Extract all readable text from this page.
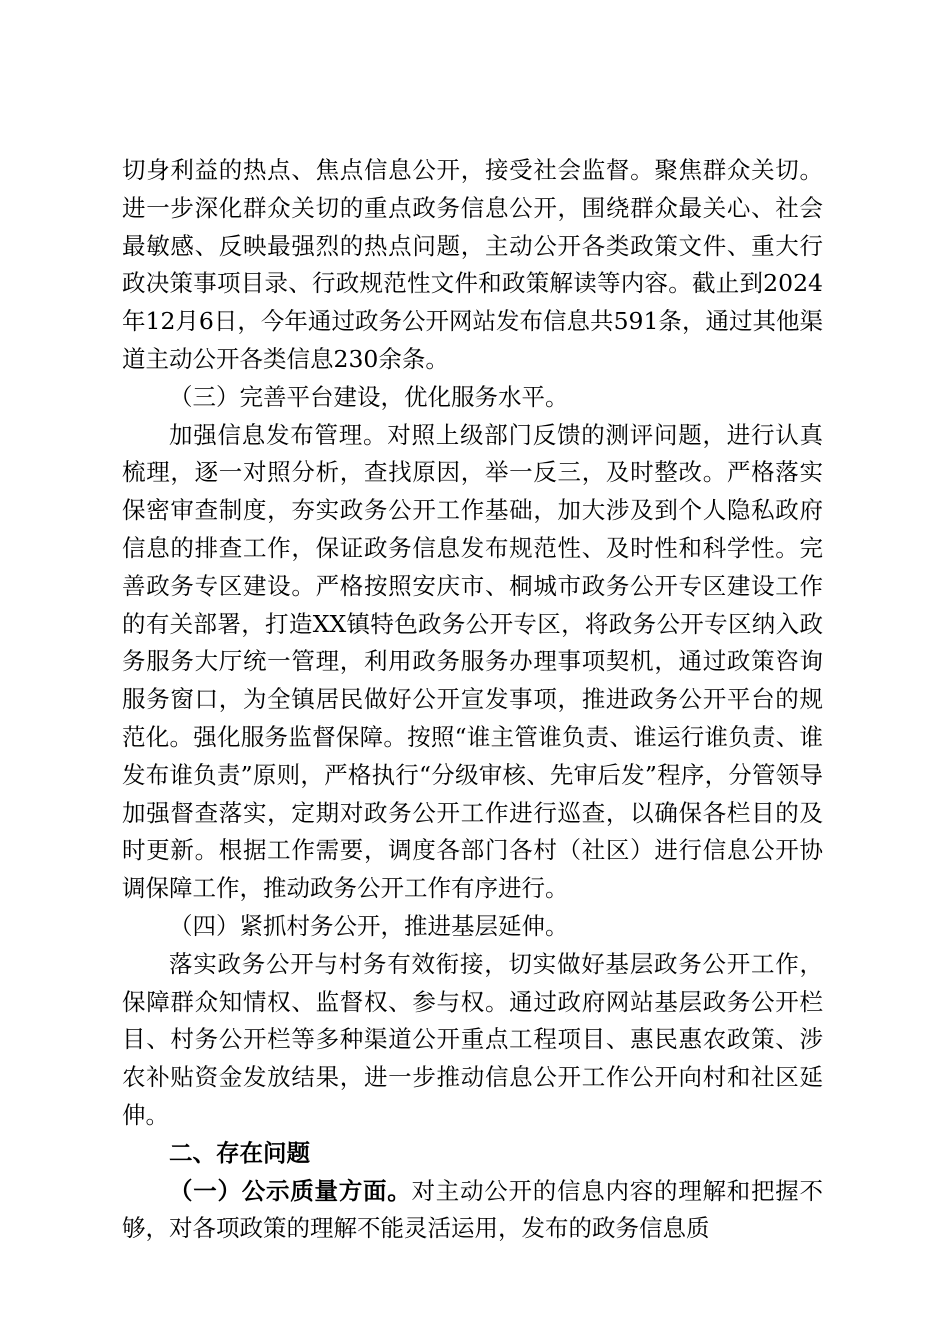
切身利益的热点、焦点信息公开，接受社会监督。聚焦群众关切。进一步深化群众关切的重点政务信息公开，围绕群众最关心、社会最敏感、反映最强烈的热点问题，主动公开各类政策文件、重大行政决策事项目录、行政规范性文件和政策解读等内容。截止到2024年12月6日，今年通过政务公开网站发布信息共591条，通过其他渠道主动公开各类信息230余条。

（三）完善平台建设，优化服务水平。

加强信息发布管理。对照上级部门反馈的测评问题，进行认真梳理，逐一对照分析，查找原因，举一反三，及时整改。严格落实保密审查制度，夯实政务公开工作基础，加大涉及到个人隐私政府信息的排查工作，保证政务信息发布规范性、及时性和科学性。完善政务专区建设。严格按照安庆市、桐城市政务公开专区建设工作的有关部署，打造XX镇特色政务公开专区，将政务公开专区纳入政务服务大厅统一管理，利用政务服务办理事项契机，通过政策咨询服务窗口，为全镇居民做好公开宣发事项，推进政务公开平台的规范化。强化服务监督保障。按照“谁主管谁负责、谁运行谁负责、谁发布谁负责”原则，严格执行“分级审核、先审后发”程序，分管领导加强督查落实，定期对政务公开工作进行巡查，以确保各栏目的及时更新。根据工作需要，调度各部门各村（社区）进行信息公开协调保障工作，推动政务公开工作有序进行。

（四）紧抓村务公开，推进基层延伸。

落实政务公开与村务有效衔接，切实做好基层政务公开工作，保障群众知情权、监督权、参与权。通过政府网站基层政务公开栏目、村务公开栏等多种渠道公开重点工程项目、惠民惠农政策、涉农补贴资金发放结果，进一步推动信息公开工作公开向村和社区延伸。

二、存在问题

（一）公示质量方面。对主动公开的信息内容的理解和把握不够，对各项政策的理解不能灵活运用，发布的政务信息质
